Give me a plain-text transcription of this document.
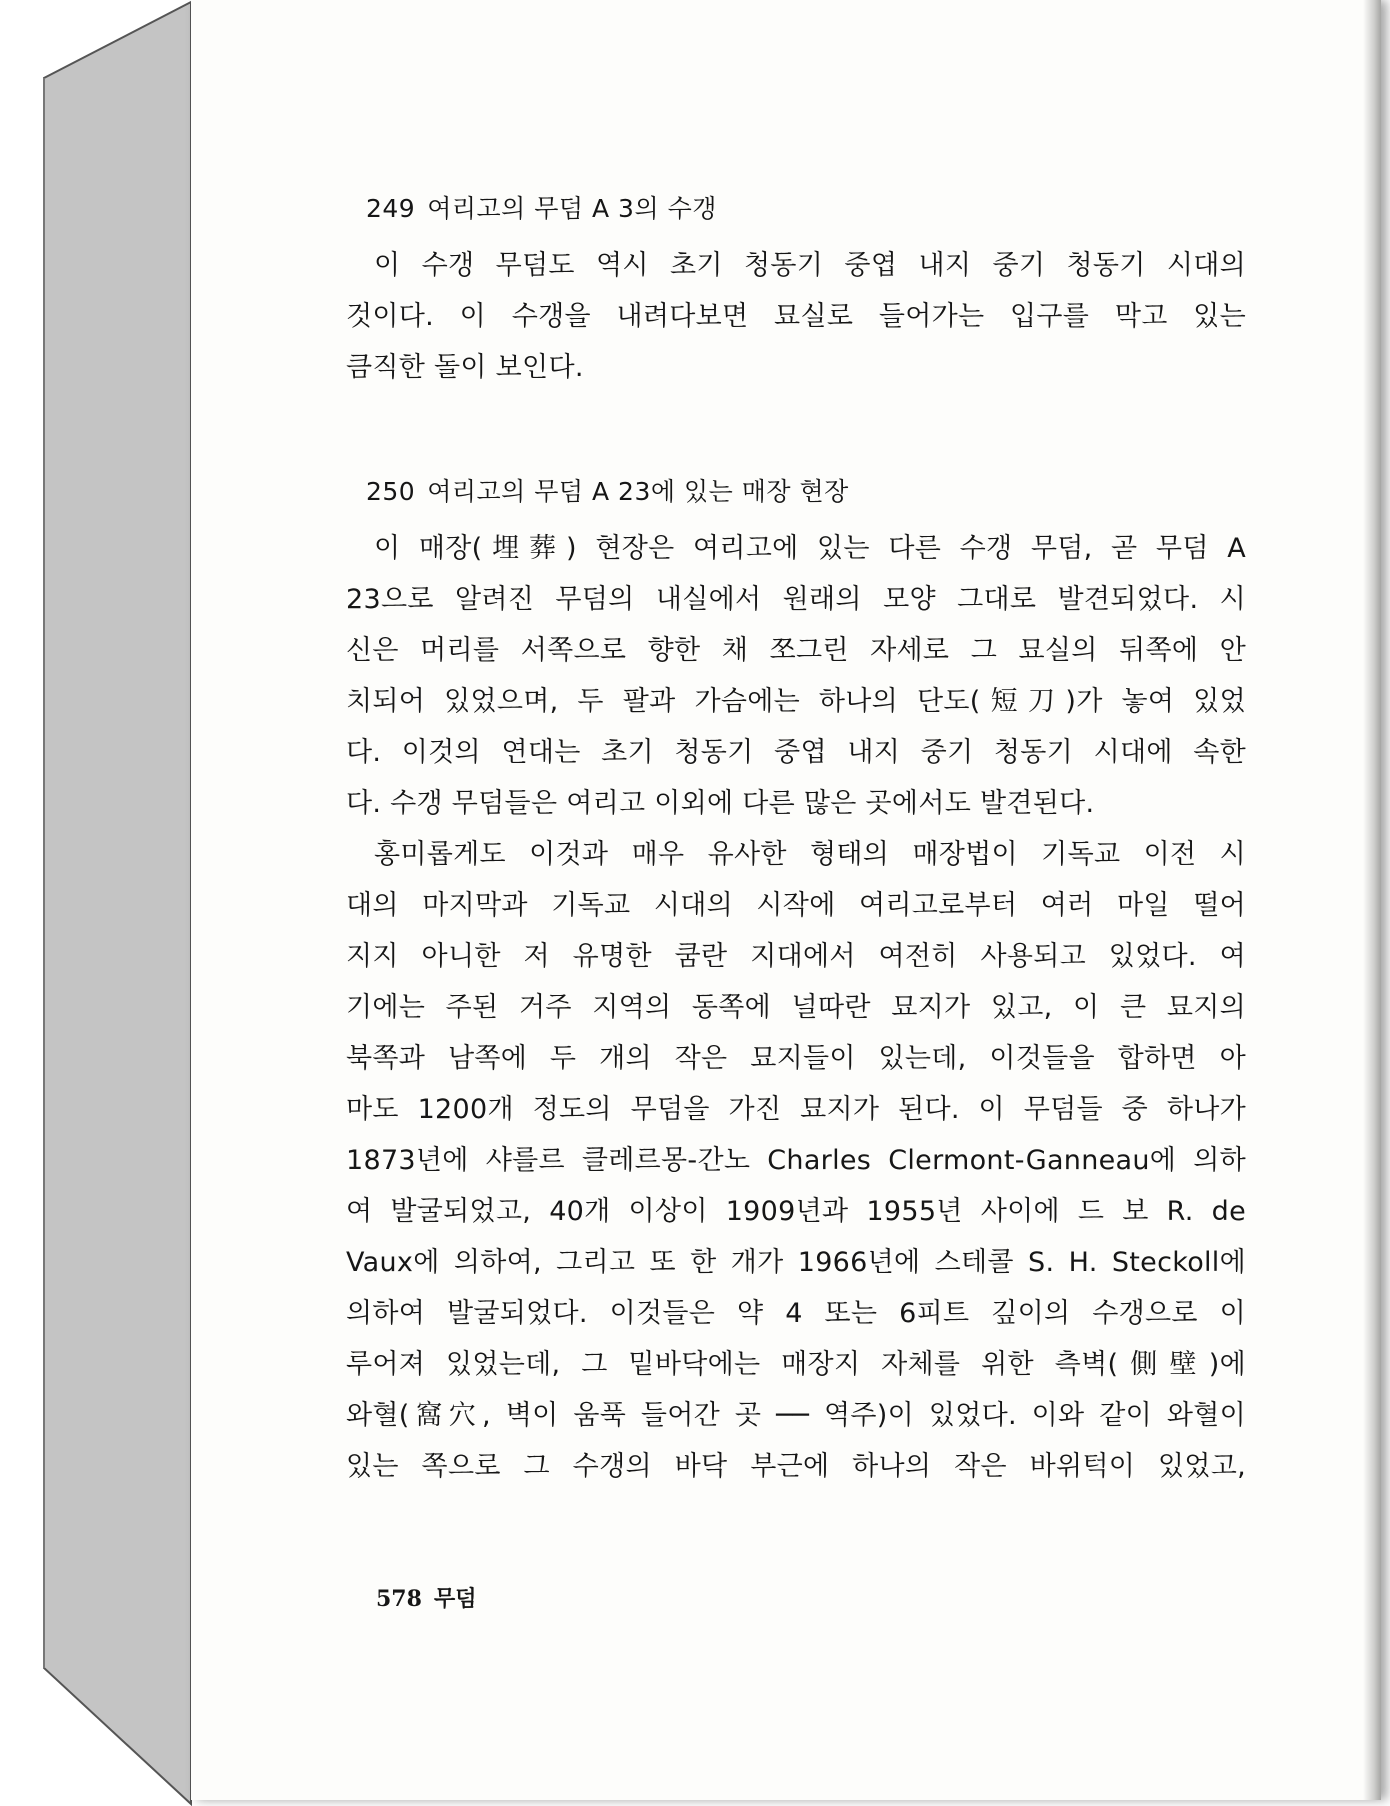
249 여리고의 무덤 A 3의 수갱
이 수갱 무덤도 역시 초기 청동기 중엽 내지 중기 청동기 시대의
것이다. 이 수갱을 내려다보면 묘실로 들어가는 입구를 막고 있는
큼직한 돌이 보인다.
250 여리고의 무덤 A 23에 있는 매장 현장
이 매장(埋葬) 현장은 여리고에 있는 다른 수갱 무덤, 곧 무덤 A
23으로 알려진 무덤의 내실에서 원래의 모양 그대로 발견되었다. 시
신은 머리를 서쪽으로 향한 채 쪼그린 자세로 그 묘실의 뒤쪽에 안
치되어 있었으며, 두 팔과 가슴에는 하나의 단도(短刀)가 놓여 있었
다. 이것의 연대는 초기 청동기 중엽 내지 중기 청동기 시대에 속한
다. 수갱 무덤들은 여리고 이외에 다른 많은 곳에서도 발견된다.
홍미롭게도 이것과 매우 유사한 형태의 매장법이 기독교 이전 시
대의 마지막과 기독교 시대의 시작에 여리고로부터 여러 마일 떨어
지지 아니한 저 유명한 쿰란 지대에서 여전히 사용되고 있었다. 여
기에는 주된 거주 지역의 동쪽에 널따란 묘지가 있고, 이 큰 묘지의
북쪽과 남쪽에 두 개의 작은 묘지들이 있는데, 이것들을 합하면 아
마도 1200개 정도의 무덤을 가진 묘지가 된다. 이 무덤들 중 하나가
1873년에 샤를르 클레르몽-간노 Charles Clermont-Ganneau에 의하
여 발굴되었고, 40개 이상이 1909년과 1955년 사이에 드 보 R. de
Vaux에 의하여, 그리고 또 한 개가 1966년에 스테콜 S. H. Steckoll에
의하여 발굴되었다. 이것들은 약 4 또는 6피트 깊이의 수갱으로 이
루어져 있었는데, 그 밑바닥에는 매장지 자체를 위한 측벽(側壁)에
와혈(窩穴, 벽이 움푹 들어간 곳 ── 역주)이 있었다. 이와 같이 와혈이
있는 쪽으로 그 수갱의 바닥 부근에 하나의 작은 바위턱이 있었고,
578 무덤
